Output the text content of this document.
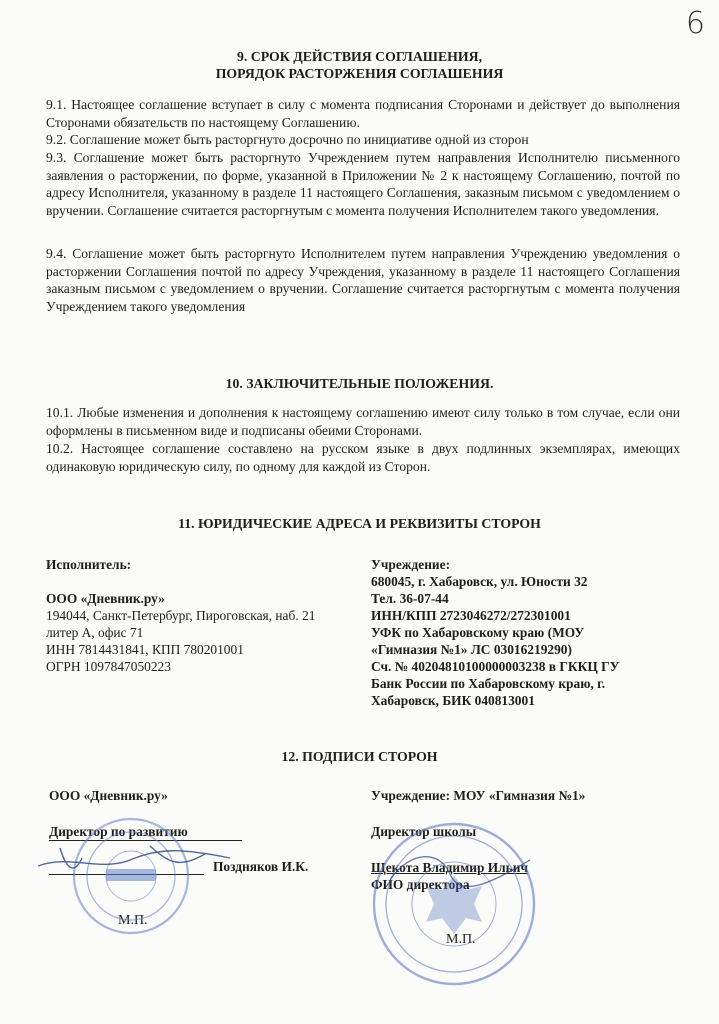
6
9. СРОК ДЕЙСТВИЯ СОГЛАШЕНИЯ,
ПОРЯДОК РАСТОРЖЕНИЯ СОГЛАШЕНИЯ
9.1. Настоящее соглашение вступает в силу с момента подписания Сторонами и действует до выполнения Сторонами обязательств по настоящему Соглашению.
9.2. Соглашение может быть расторгнуто досрочно по инициативе одной из сторон
9.3. Соглашение может быть расторгнуто Учреждением путем направления Исполнителю письменного заявления о расторжении, по форме, указанной в Приложении № 2 к настоящему Соглашению, почтой по адресу Исполнителя, указанному в разделе 11 настоящего Соглашения, заказным письмом с уведомлением о вручении. Соглашение считается расторгнутым с момента получения Исполнителем такого уведомления.
9.4. Соглашение может быть расторгнуто Исполнителем путем направления Учреждению уведомления о расторжении Соглашения почтой по адресу Учреждения, указанному в разделе 11 настоящего Соглашения заказным письмом с уведомлением о вручении. Соглашение считается расторгнутым с момента получения Учреждением такого уведомления
10. ЗАКЛЮЧИТЕЛЬНЫЕ ПОЛОЖЕНИЯ.
10.1. Любые изменения и дополнения к настоящему соглашению имеют силу только в том случае, если они оформлены в письменном виде и подписаны обеими Сторонами.
10.2. Настоящее соглашение составлено на русском языке в двух подлинных экземплярах, имеющих одинаковую юридическую силу, по одному для каждой из Сторон.
11. ЮРИДИЧЕСКИЕ АДРЕСА И РЕКВИЗИТЫ СТОРОН
Исполнитель:
ООО «Дневник.ру»
194044, Санкт-Петербург, Пироговская, наб. 21
литер А, офис 71
ИНН 7814431841, КПП 780201001
ОГРН 1097847050223
Учреждение:
680045, г. Хабаровск, ул. Юности 32
Тел. 36-07-44
ИНН/КПП 2723046272/272301001
УФК по Хабаровскому краю (МОУ
«Гимназия №1» ЛС 03016219290)
Сч. № 40204810100000003238 в ГККЦ ГУ
Банк России по Хабаровскому краю, г.
Хабаровск, БИК 040813001
12. ПОДПИСИ СТОРОН
ООО «Дневник.ру»
Директор по развитию
Поздняков И.К.
М.П.
Учреждение: МОУ «Гимназия №1»
Директор школы
Щекота Владимир Ильич
ФИО директора
М.П.
